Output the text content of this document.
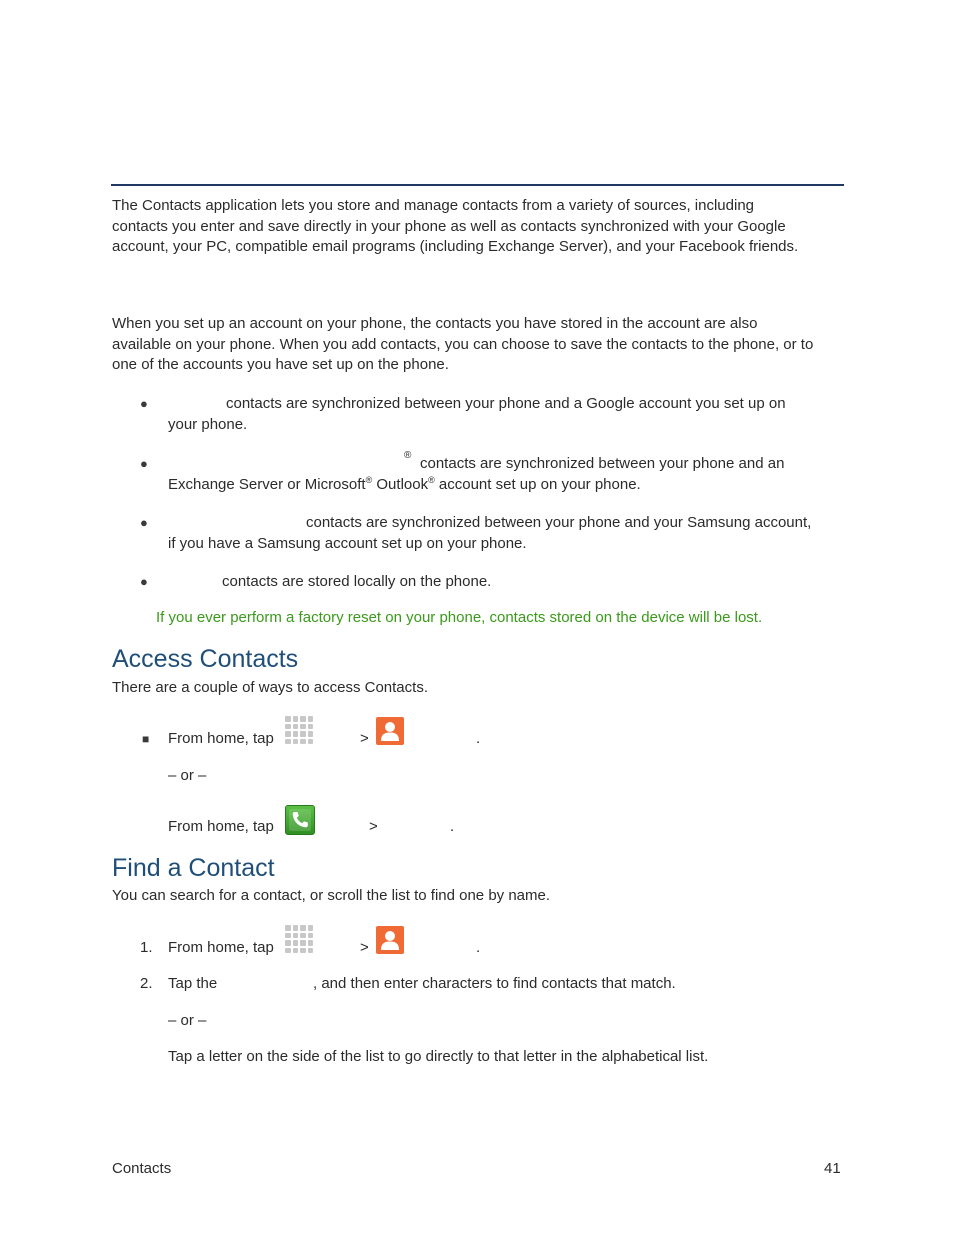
The Contacts application lets you store and manage contacts from a variety of sources, including
contacts you enter and save directly in your phone as well as contacts synchronized with your Google
account, your PC, compatible email programs (including Exchange Server), and your Facebook friends.
When you set up an account on your phone, the contacts you have stored in the account are also
available on your phone. When you add contacts, you can choose to save the contacts to the phone, or to
one of the accounts you have set up on the phone.
●	contacts are synchronized between your phone and a Google account you set up on
your phone.
●
® contacts are synchronized between your phone and an
Exchange Server or Microsoft® Outlook® account set up on your phone.
●	contacts are synchronized between your phone and your Samsung account,
if you have a Samsung account set up on your phone.
●	contacts are stored locally on the phone.
If you ever perform a factory reset on your phone, contacts stored on the device will be lost.
Access Contacts
There are a couple of ways to access Contacts.
■ From home, tap	>	.
– or –
From home, tap	>	.
Find a Contact
You can search for a contact, or scroll the list to find one by name.
1. From home, tap	>	.
2. Tap the	, and then enter characters to find contacts that match.
– or –
Tap a letter on the side of the list to go directly to that letter in the alphabetical list.
Contacts	41
